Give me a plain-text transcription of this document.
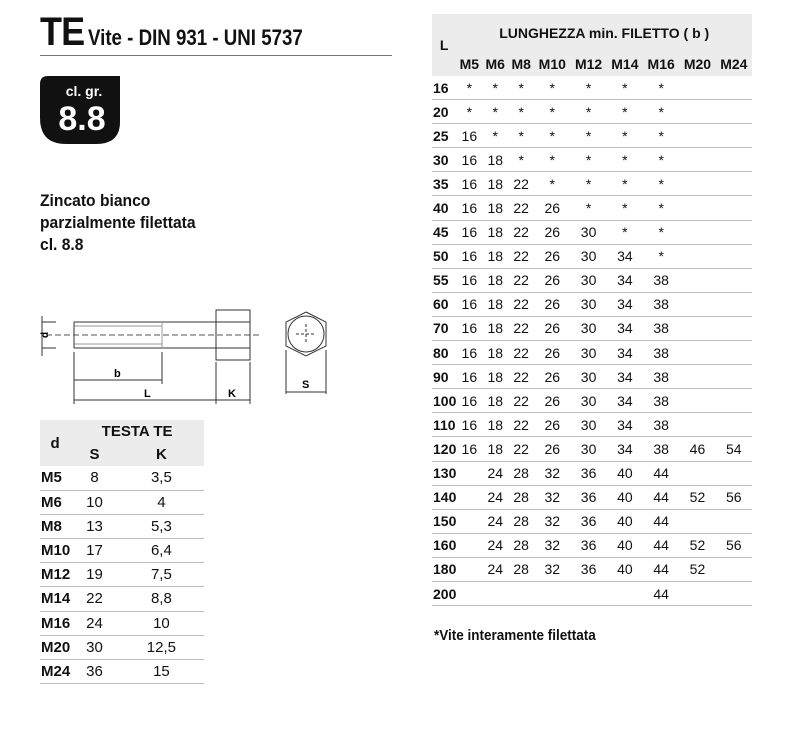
TE Vite - DIN 931 - UNI 5737
cl. gr.
8.8
Zincato bianco
parzialmente filettata
cl. 8.8
d
b
L	K
S
d	TESTA TE	
	S	K
M5	8	3,5
M6	10	4
M8	13	5,3
M10	17	6,4
M12	19	7,5
M14	22	8,8
M16	24	10
M20	30	12,5
M24	36	15
L	LUNGHEZZA min. FILETTO ( b )								
	M5	M6	M8	M10	M12	M14	M16	M20	M24
16	*	*	*	*	*	*	*		
20	*	*	*	*	*	*	*		
25	16	*	*	*	*	*	*		
30	16	18	*	*	*	*	*		
35	16	18	22	*	*	*	*		
40	16	18	22	26	*	*	*		
45	16	18	22	26	30	*	*		
50	16	18	22	26	30	34	*		
55	16	18	22	26	30	34	38		
60	16	18	22	26	30	34	38		
70	16	18	22	26	30	34	38		
80	16	18	22	26	30	34	38		
90	16	18	22	26	30	34	38		
100	16	18	22	26	30	34	38		
110	16	18	22	26	30	34	38		
120	16	18	22	26	30	34	38	46	54
130		24	28	32	36	40	44		
140		24	28	32	36	40	44	52	56
150		24	28	32	36	40	44		
160		24	28	32	36	40	44	52	56
180		24	28	32	36	40	44	52	
200							44		
*Vite interamente filettata
